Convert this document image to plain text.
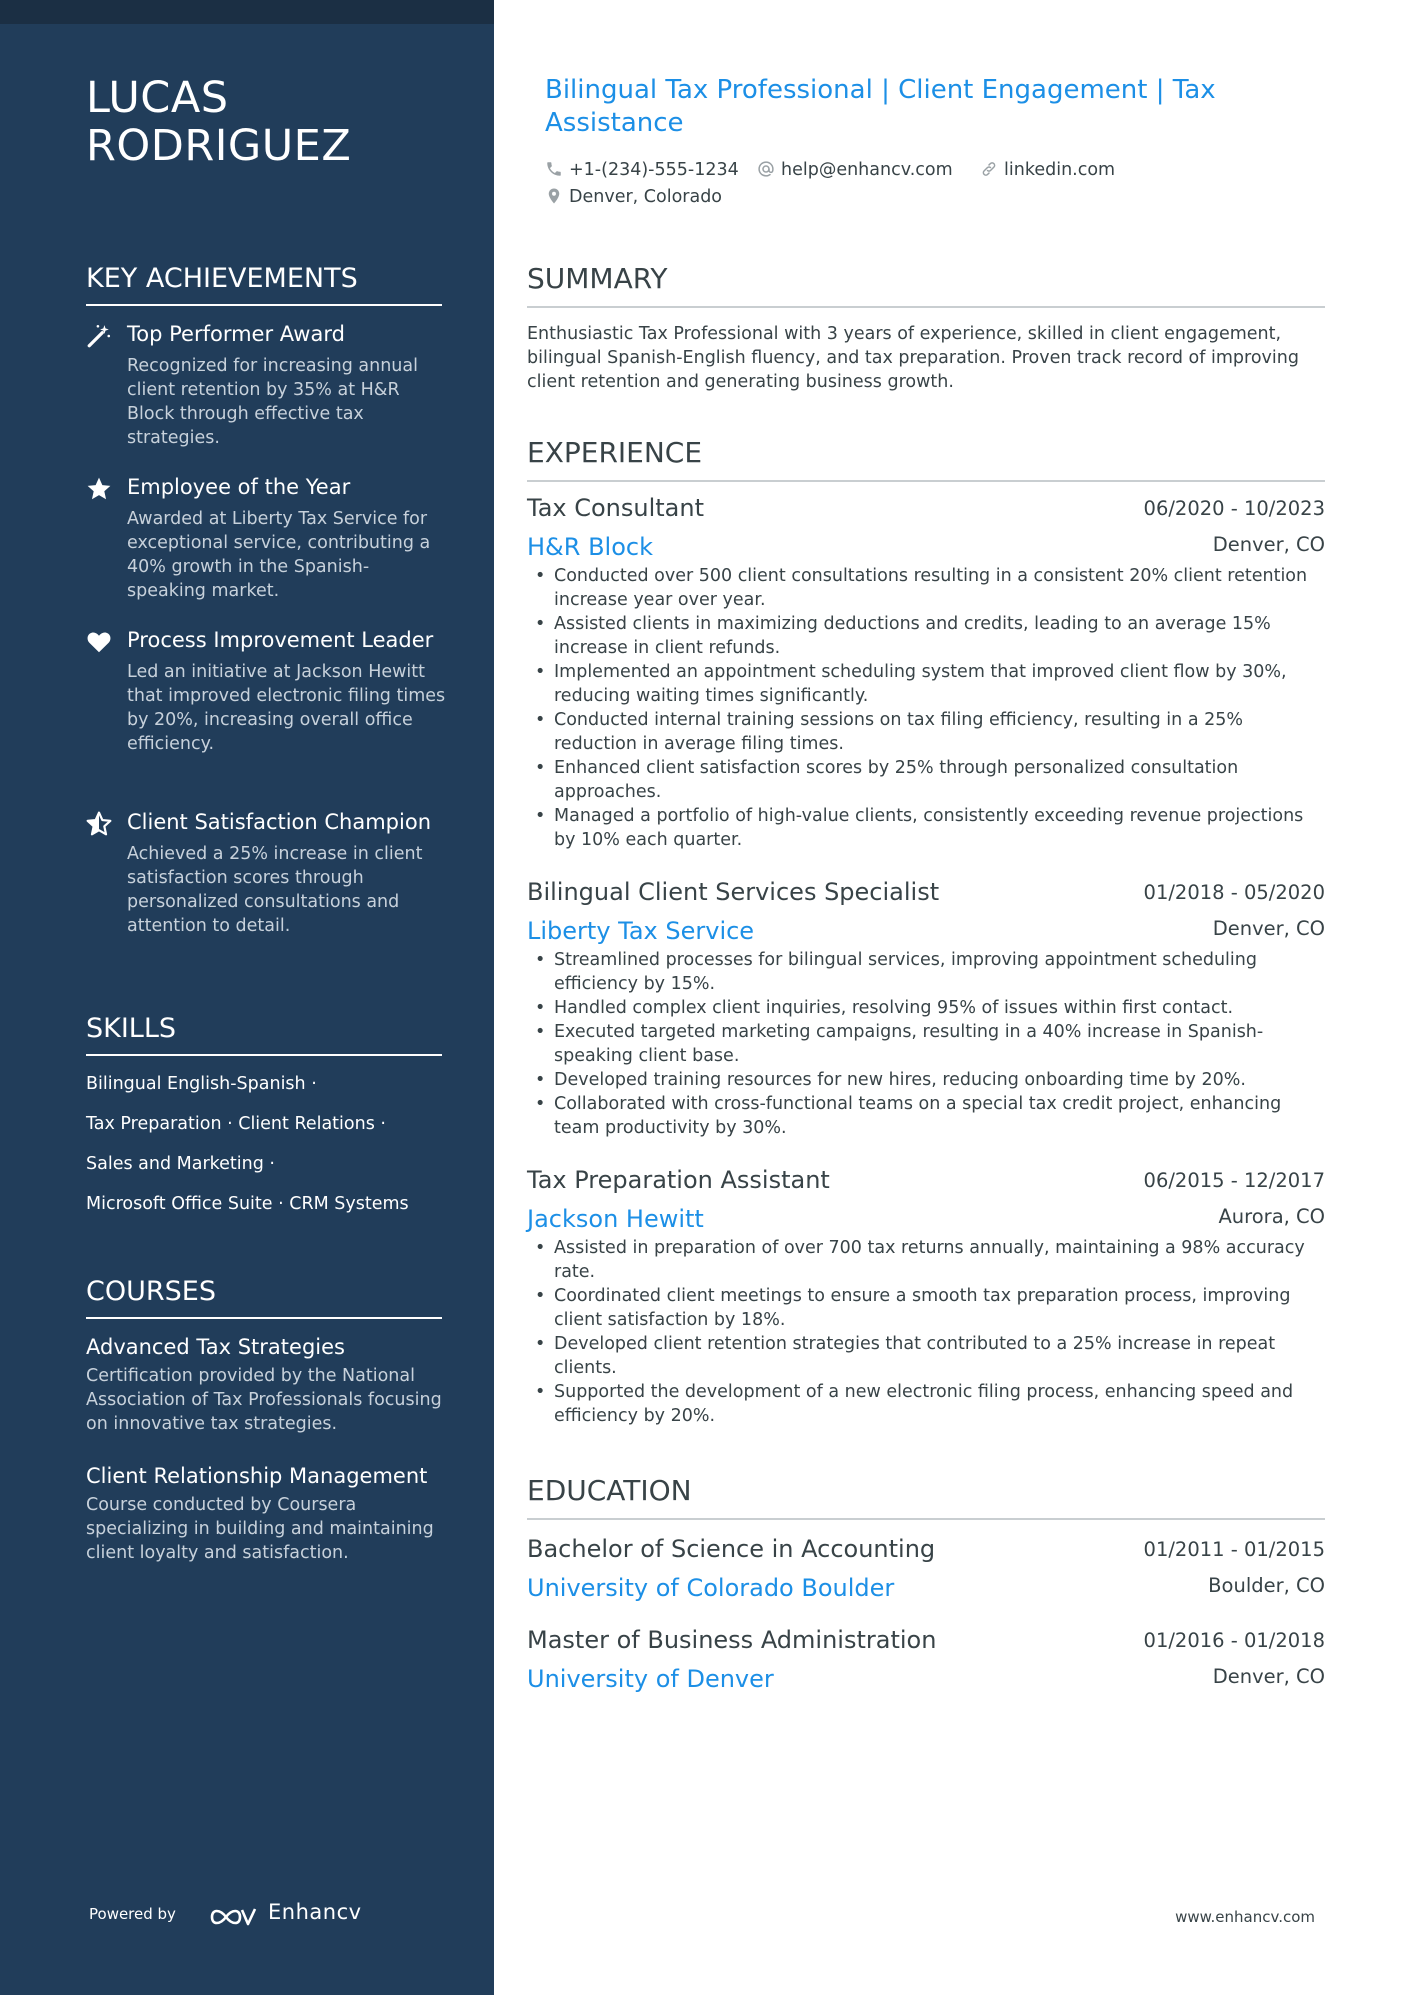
LUCAS
RODRIGUEZ
KEY ACHIEVEMENTS
Top Performer Award
Recognized for increasing annual client retention by 35% at H&R Block through effective tax strategies.
Employee of the Year
Awarded at Liberty Tax Service for exceptional service, contributing a 40% growth in the Spanish-speaking market.
Process Improvement Leader
Led an initiative at Jackson Hewitt that improved electronic filing times by 20%, increasing overall office efficiency.
Client Satisfaction Champion
Achieved a 25% increase in client satisfaction scores through personalized consultations and attention to detail.
SKILLS
Bilingual English-Spanish ·
Tax Preparation · Client Relations ·
Sales and Marketing ·
Microsoft Office Suite · CRM Systems
COURSES
Advanced Tax Strategies
Certification provided by the National Association of Tax Professionals focusing on innovative tax strategies.
Client Relationship Management
Course conducted by Coursera specializing in building and maintaining client loyalty and satisfaction.
Powered by	Enhancv
Bilingual Tax Professional | Client Engagement | Tax Assistance
+1-(234)-555-1234	help@enhancv.com	linkedin.com
Denver, Colorado
SUMMARY
Enthusiastic Tax Professional with 3 years of experience, skilled in client engagement, bilingual Spanish-English fluency, and tax preparation. Proven track record of improving client retention and generating business growth.
EXPERIENCE
Tax Consultant	06/2020 - 10/2023
H&R Block	Denver, CO
• Conducted over 500 client consultations resulting in a consistent 20% client retention increase year over year.
• Assisted clients in maximizing deductions and credits, leading to an average 15% increase in client refunds.
• Implemented an appointment scheduling system that improved client flow by 30%, reducing waiting times significantly.
• Conducted internal training sessions on tax filing efficiency, resulting in a 25% reduction in average filing times.
• Enhanced client satisfaction scores by 25% through personalized consultation approaches.
• Managed a portfolio of high-value clients, consistently exceeding revenue projections by 10% each quarter.
Bilingual Client Services Specialist	01/2018 - 05/2020
Liberty Tax Service	Denver, CO
• Streamlined processes for bilingual services, improving appointment scheduling efficiency by 15%.
• Handled complex client inquiries, resolving 95% of issues within first contact.
• Executed targeted marketing campaigns, resulting in a 40% increase in Spanish-speaking client base.
• Developed training resources for new hires, reducing onboarding time by 20%.
• Collaborated with cross-functional teams on a special tax credit project, enhancing team productivity by 30%.
Tax Preparation Assistant	06/2015 - 12/2017
Jackson Hewitt	Aurora, CO
• Assisted in preparation of over 700 tax returns annually, maintaining a 98% accuracy rate.
• Coordinated client meetings to ensure a smooth tax preparation process, improving client satisfaction by 18%.
• Developed client retention strategies that contributed to a 25% increase in repeat clients.
• Supported the development of a new electronic filing process, enhancing speed and efficiency by 20%.
EDUCATION
Bachelor of Science in Accounting	01/2011 - 01/2015
University of Colorado Boulder	Boulder, CO
Master of Business Administration	01/2016 - 01/2018
University of Denver	Denver, CO
www.enhancv.com
